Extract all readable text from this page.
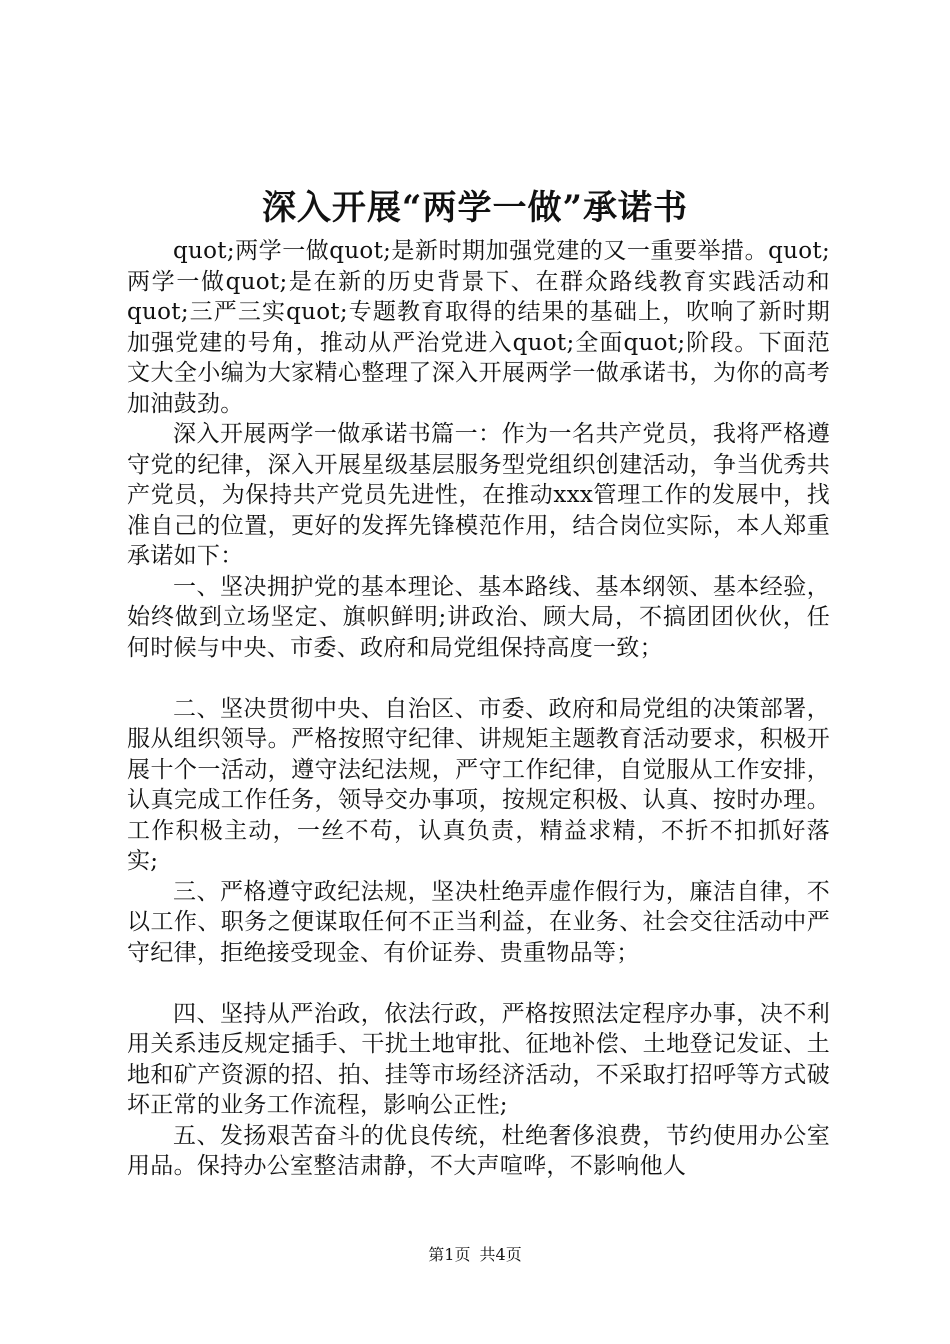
深入开展“两学一做”承诺书

quot;两学一做quot;是新时期加强党建的又一重要举措。quot;两学一做quot;是在新的历史背景下、在群众路线教育实践活动和quot;三严三实quot;专题教育取得的结果的基础上，吹响了新时期加强党建的号角，推动从严治党进入quot;全面quot;阶段。下面范文大全小编为大家精心整理了深入开展两学一做承诺书，为你的高考加油鼓劲。

深入开展两学一做承诺书篇一：作为一名共产党员，我将严格遵守党的纪律，深入开展星级基层服务型党组织创建活动，争当优秀共产党员，为保持共产党员先进性，在推动xxx管理工作的发展中，找准自己的位置，更好的发挥先锋模范作用，结合岗位实际，本人郑重承诺如下：

一、坚决拥护党的基本理论、基本路线、基本纲领、基本经验，始终做到立场坚定、旗帜鲜明;讲政治、顾大局，不搞团团伙伙，任何时候与中央、市委、政府和局党组保持高度一致；

二、坚决贯彻中央、自治区、市委、政府和局党组的决策部署，服从组织领导。严格按照守纪律、讲规矩主题教育活动要求，积极开展十个一活动，遵守法纪法规，严守工作纪律，自觉服从工作安排，认真完成工作任务，领导交办事项，按规定积极、认真、按时办理。工作积极主动，一丝不苟，认真负责，精益求精，不折不扣抓好落实;

三、严格遵守政纪法规，坚决杜绝弄虚作假行为，廉洁自律，不以工作、职务之便谋取任何不正当利益，在业务、社会交往活动中严守纪律，拒绝接受现金、有价证券、贵重物品等；

四、坚持从严治政，依法行政，严格按照法定程序办事，决不利用关系违反规定插手、干扰土地审批、征地补偿、土地登记发证、土地和矿产资源的招、拍、挂等市场经济活动，不采取打招呼等方式破坏正常的业务工作流程，影响公正性;

五、发扬艰苦奋斗的优良传统，杜绝奢侈浪费，节约使用办公室用品。保持办公室整洁肃静，不大声喧哗，不影响他人

第1页 共4页
